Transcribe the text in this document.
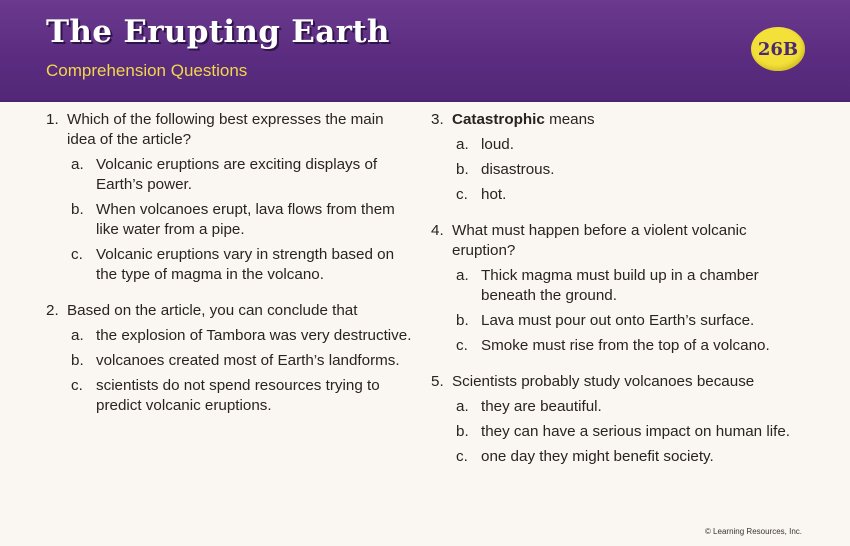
The Erupting Earth
Comprehension Questions
26B
1. Which of the following best expresses the main idea of the article?
a. Volcanic eruptions are exciting displays of Earth’s power.
b. When volcanoes erupt, lava flows from them like water from a pipe.
c. Volcanic eruptions vary in strength based on the type of magma in the volcano.
2. Based on the article, you can conclude that
a. the explosion of Tambora was very destructive.
b. volcanoes created most of Earth’s landforms.
c. scientists do not spend resources trying to predict volcanic eruptions.
3. Catastrophic means
a. loud.
b. disastrous.
c. hot.
4. What must happen before a violent volcanic eruption?
a. Thick magma must build up in a chamber beneath the ground.
b. Lava must pour out onto Earth’s surface.
c. Smoke must rise from the top of a volcano.
5. Scientists probably study volcanoes because
a. they are beautiful.
b. they can have a serious impact on human life.
c. one day they might benefit society.
© Learning Resources, Inc.
